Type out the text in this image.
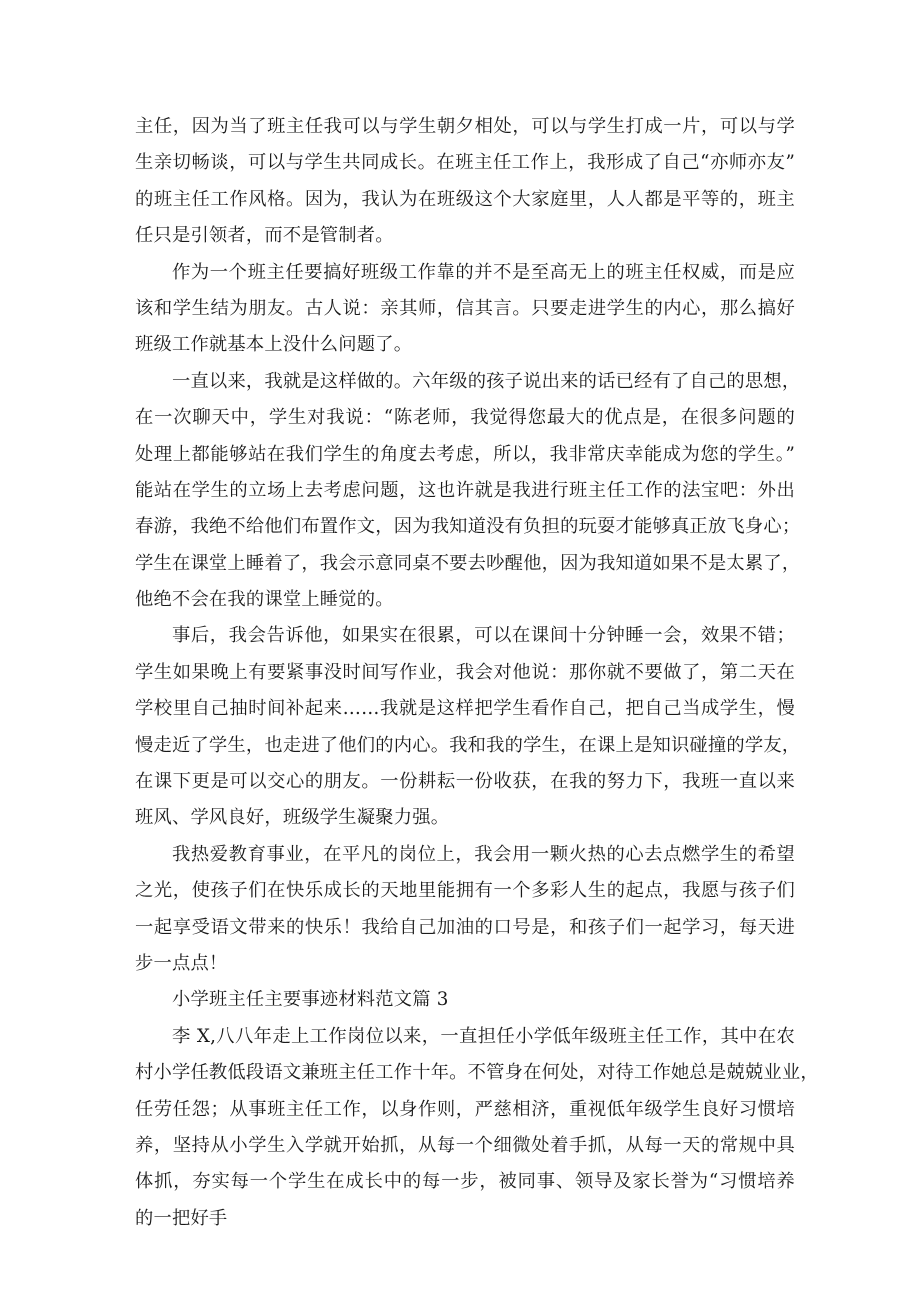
主任，因为当了班主任我可以与学生朝夕相处，可以与学生打成一片，可以与学
生亲切畅谈，可以与学生共同成长。在班主任工作上，我形成了自己“亦师亦友”
的班主任工作风格。因为，我认为在班级这个大家庭里，人人都是平等的，班主
任只是引领者，而不是管制者。
作为一个班主任要搞好班级工作靠的并不是至高无上的班主任权威，而是应
该和学生结为朋友。古人说：亲其师，信其言。只要走进学生的内心，那么搞好
班级工作就基本上没什么问题了。
一直以来，我就是这样做的。六年级的孩子说出来的话已经有了自己的思想，
在一次聊天中，学生对我说：“陈老师，我觉得您最大的优点是，在很多问题的
处理上都能够站在我们学生的角度去考虑，所以，我非常庆幸能成为您的学生。”
能站在学生的立场上去考虑问题，这也许就是我进行班主任工作的法宝吧：外出
春游，我绝不给他们布置作文，因为我知道没有负担的玩耍才能够真正放飞身心；
学生在课堂上睡着了，我会示意同桌不要去吵醒他，因为我知道如果不是太累了，
他绝不会在我的课堂上睡觉的。
事后，我会告诉他，如果实在很累，可以在课间十分钟睡一会，效果不错；
学生如果晚上有要紧事没时间写作业，我会对他说：那你就不要做了，第二天在
学校里自己抽时间补起来……我就是这样把学生看作自己，把自己当成学生，慢
慢走近了学生，也走进了他们的内心。我和我的学生，在课上是知识碰撞的学友，
在课下更是可以交心的朋友。一份耕耘一份收获，在我的努力下，我班一直以来
班风、学风良好，班级学生凝聚力强。
我热爱教育事业，在平凡的岗位上，我会用一颗火热的心去点燃学生的希望
之光，使孩子们在快乐成长的天地里能拥有一个多彩人生的起点，我愿与孩子们
一起享受语文带来的快乐！我给自己加油的口号是，和孩子们一起学习，每天进
步一点点！
小学班主任主要事迹材料范文篇 3
李 X,八八年走上工作岗位以来，一直担任小学低年级班主任工作，其中在农
村小学任教低段语文兼班主任工作十年。不管身在何处，对待工作她总是兢兢业业，
任劳任怨；从事班主任工作，以身作则，严慈相济，重视低年级学生良好习惯培
养，坚持从小学生入学就开始抓，从每一个细微处着手抓，从每一天的常规中具
体抓，夯实每一个学生在成长中的每一步，被同事、领导及家长誉为“习惯培养
的一把好手
